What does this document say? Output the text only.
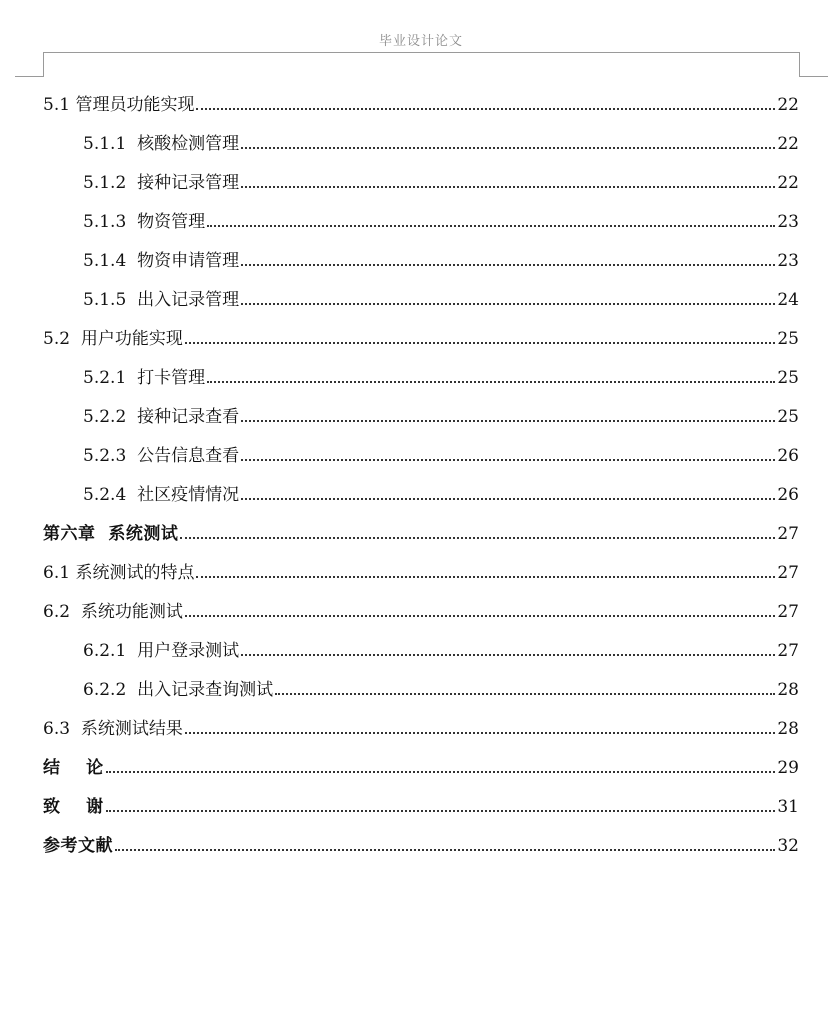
毕业设计论文
5.1 管理员功能实现	22
5.1.1  核酸检测管理	22
5.1.2  接种记录管理	22
5.1.3  物资管理	23
5.1.4  物资申请管理	23
5.1.5  出入记录管理	24
5.2  用户功能实现	25
5.2.1  打卡管理	25
5.2.2  接种记录查看	25
5.2.3  公告信息查看	26
5.2.4  社区疫情情况	26
第六章  系统测试	27
6.1 系统测试的特点	27
6.2  系统功能测试	27
6.2.1  用户登录测试	27
6.2.2  出入记录查询测试	28
6.3  系统测试结果	28
结    论	29
致    谢	31
参考文献	32
